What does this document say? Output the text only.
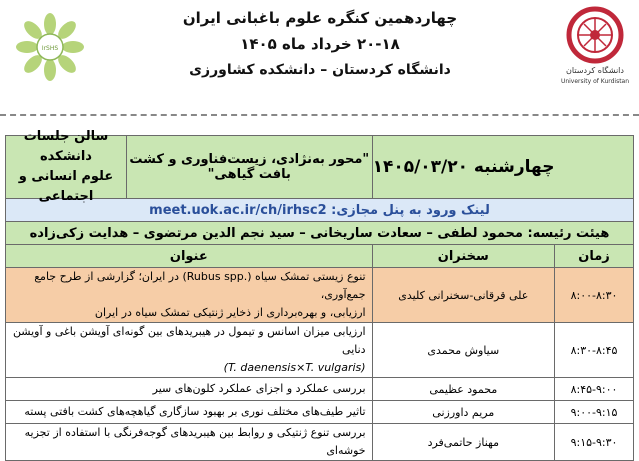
IrSHS
چهاردهمین کنگره علوم باغبانی ایران
۲۰-۱۸ خرداد ماه ۱۴۰۵
دانشگاه کردستان – دانشکده کشاورزی	دانشگاه کردستان
University of Kurdistan
	چهارشنبه ۱۴۰۵/۰۳/۲۰	"محور به‌نژادی، زیست‌فناوری و کشت بافت گیاهی"
سالن جلسات دانشکده
علوم انسانی و اجتماعی

لینک ورود به پنل مجازی: meet.uok.ac.ir/ch/irhsc2		
هیئت رئیسه: محمود لطفی – سعادت ساریخانی – سید نجم الدین مرتضوی – هدایت زکی‌زاده		
زمان	سخنران	عنوان
۸:۰۰-۸:۳۰	علی قرقانی-سخنرانی کلیدی	تنوع زیستی تمشک سیاه (.Rubus spp) در ایران؛ گزارشی از طرح جامع جمع‌آوری،
ارزیابی، و بهره‌برداری از ذخایر ژنتیکی تمشک سیاه در ایران

۸:۳۰-۸:۴۵	سیاوش محمدی	ارزیابی میزان اسانس و تیمول در هیبریدهای بین گونه‌ای آویشن باغی و آویشن دنایی
(T. daenensis×T. vulgaris)

۸:۴۵-۹:۰۰	محمود عظیمی	بررسی عملکرد و اجزای عملکرد کلون‌های سیر
۹:۰۰-۹:۱۵	مریم داورزنی	تاثیر طیف‌های مختلف نوری بر بهبود سازگاری گیاهچه‌های کشت بافتی پسته
۹:۱۵-۹:۳۰	مهناز حاتمی‌فرد	بررسی تنوع ژنتیکی و روابط بین هیبریدهای گوجه‌فرنگی با استفاده از تجزیه خوشه‌ای
